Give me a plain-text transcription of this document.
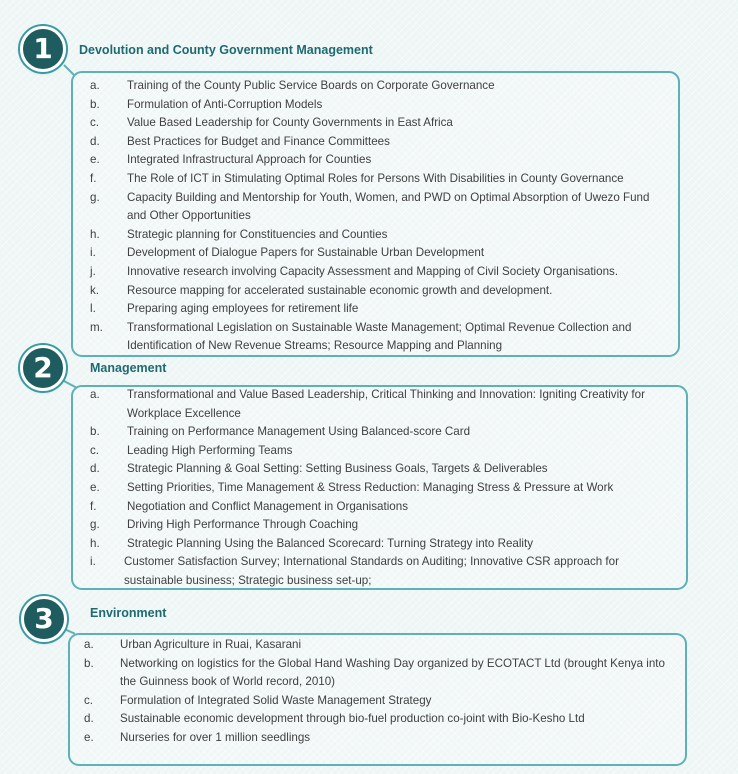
1	Devolution and County Government Management
a.	Training of the County Public Service Boards on Corporate Governance
b.	Formulation of Anti-Corruption Models
c.	Value Based Leadership for County Governments in East Africa
d.	Best Practices for Budget and Finance Committees
e.	Integrated Infrastructural Approach for Counties
f.	The Role of ICT in Stimulating Optimal Roles for Persons With Disabilities in County Governance
g.	Capacity Building and Mentorship for Youth, Women, and PWD on Optimal Absorption of Uwezo Fund and Other Opportunities
h.	Strategic planning for Constituencies and Counties
i.	Development of Dialogue Papers for Sustainable Urban Development
j.	Innovative research involving Capacity Assessment and Mapping of Civil Society Organisations.
k.	Resource mapping for accelerated sustainable economic growth and development.
l.	Preparing aging employees for retirement life
m.	Transformational Legislation on Sustainable Waste Management; Optimal Revenue Collection and Identification of New Revenue Streams; Resource Mapping and Planning
2	Management
a.	Transformational and Value Based Leadership, Critical Thinking and Innovation: Igniting Creativity for Workplace Excellence
b.	Training on Performance Management Using Balanced-score Card
c.	Leading High Performing Teams
d.	Strategic Planning & Goal Setting: Setting Business Goals, Targets & Deliverables
e.	Setting Priorities, Time Management & Stress Reduction: Managing Stress & Pressure at Work
f.	Negotiation and Conflict Management in Organisations
g.	Driving High Performance Through Coaching
h.	Strategic Planning Using the Balanced Scorecard: Turning Strategy into Reality
i.	Customer Satisfaction Survey; International Standards on Auditing; Innovative CSR approach for sustainable business; Strategic business set-up;
3	Environment
a.	Urban Agriculture in Ruai, Kasarani
b.	Networking on logistics for the Global Hand Washing Day organized by ECOTACT Ltd (brought Kenya into the Guinness book of World record, 2010)
c.	Formulation of Integrated Solid Waste Management Strategy
d.	Sustainable economic development through bio-fuel production co-joint with Bio-Kesho Ltd
e.	Nurseries for over 1 million seedlings
